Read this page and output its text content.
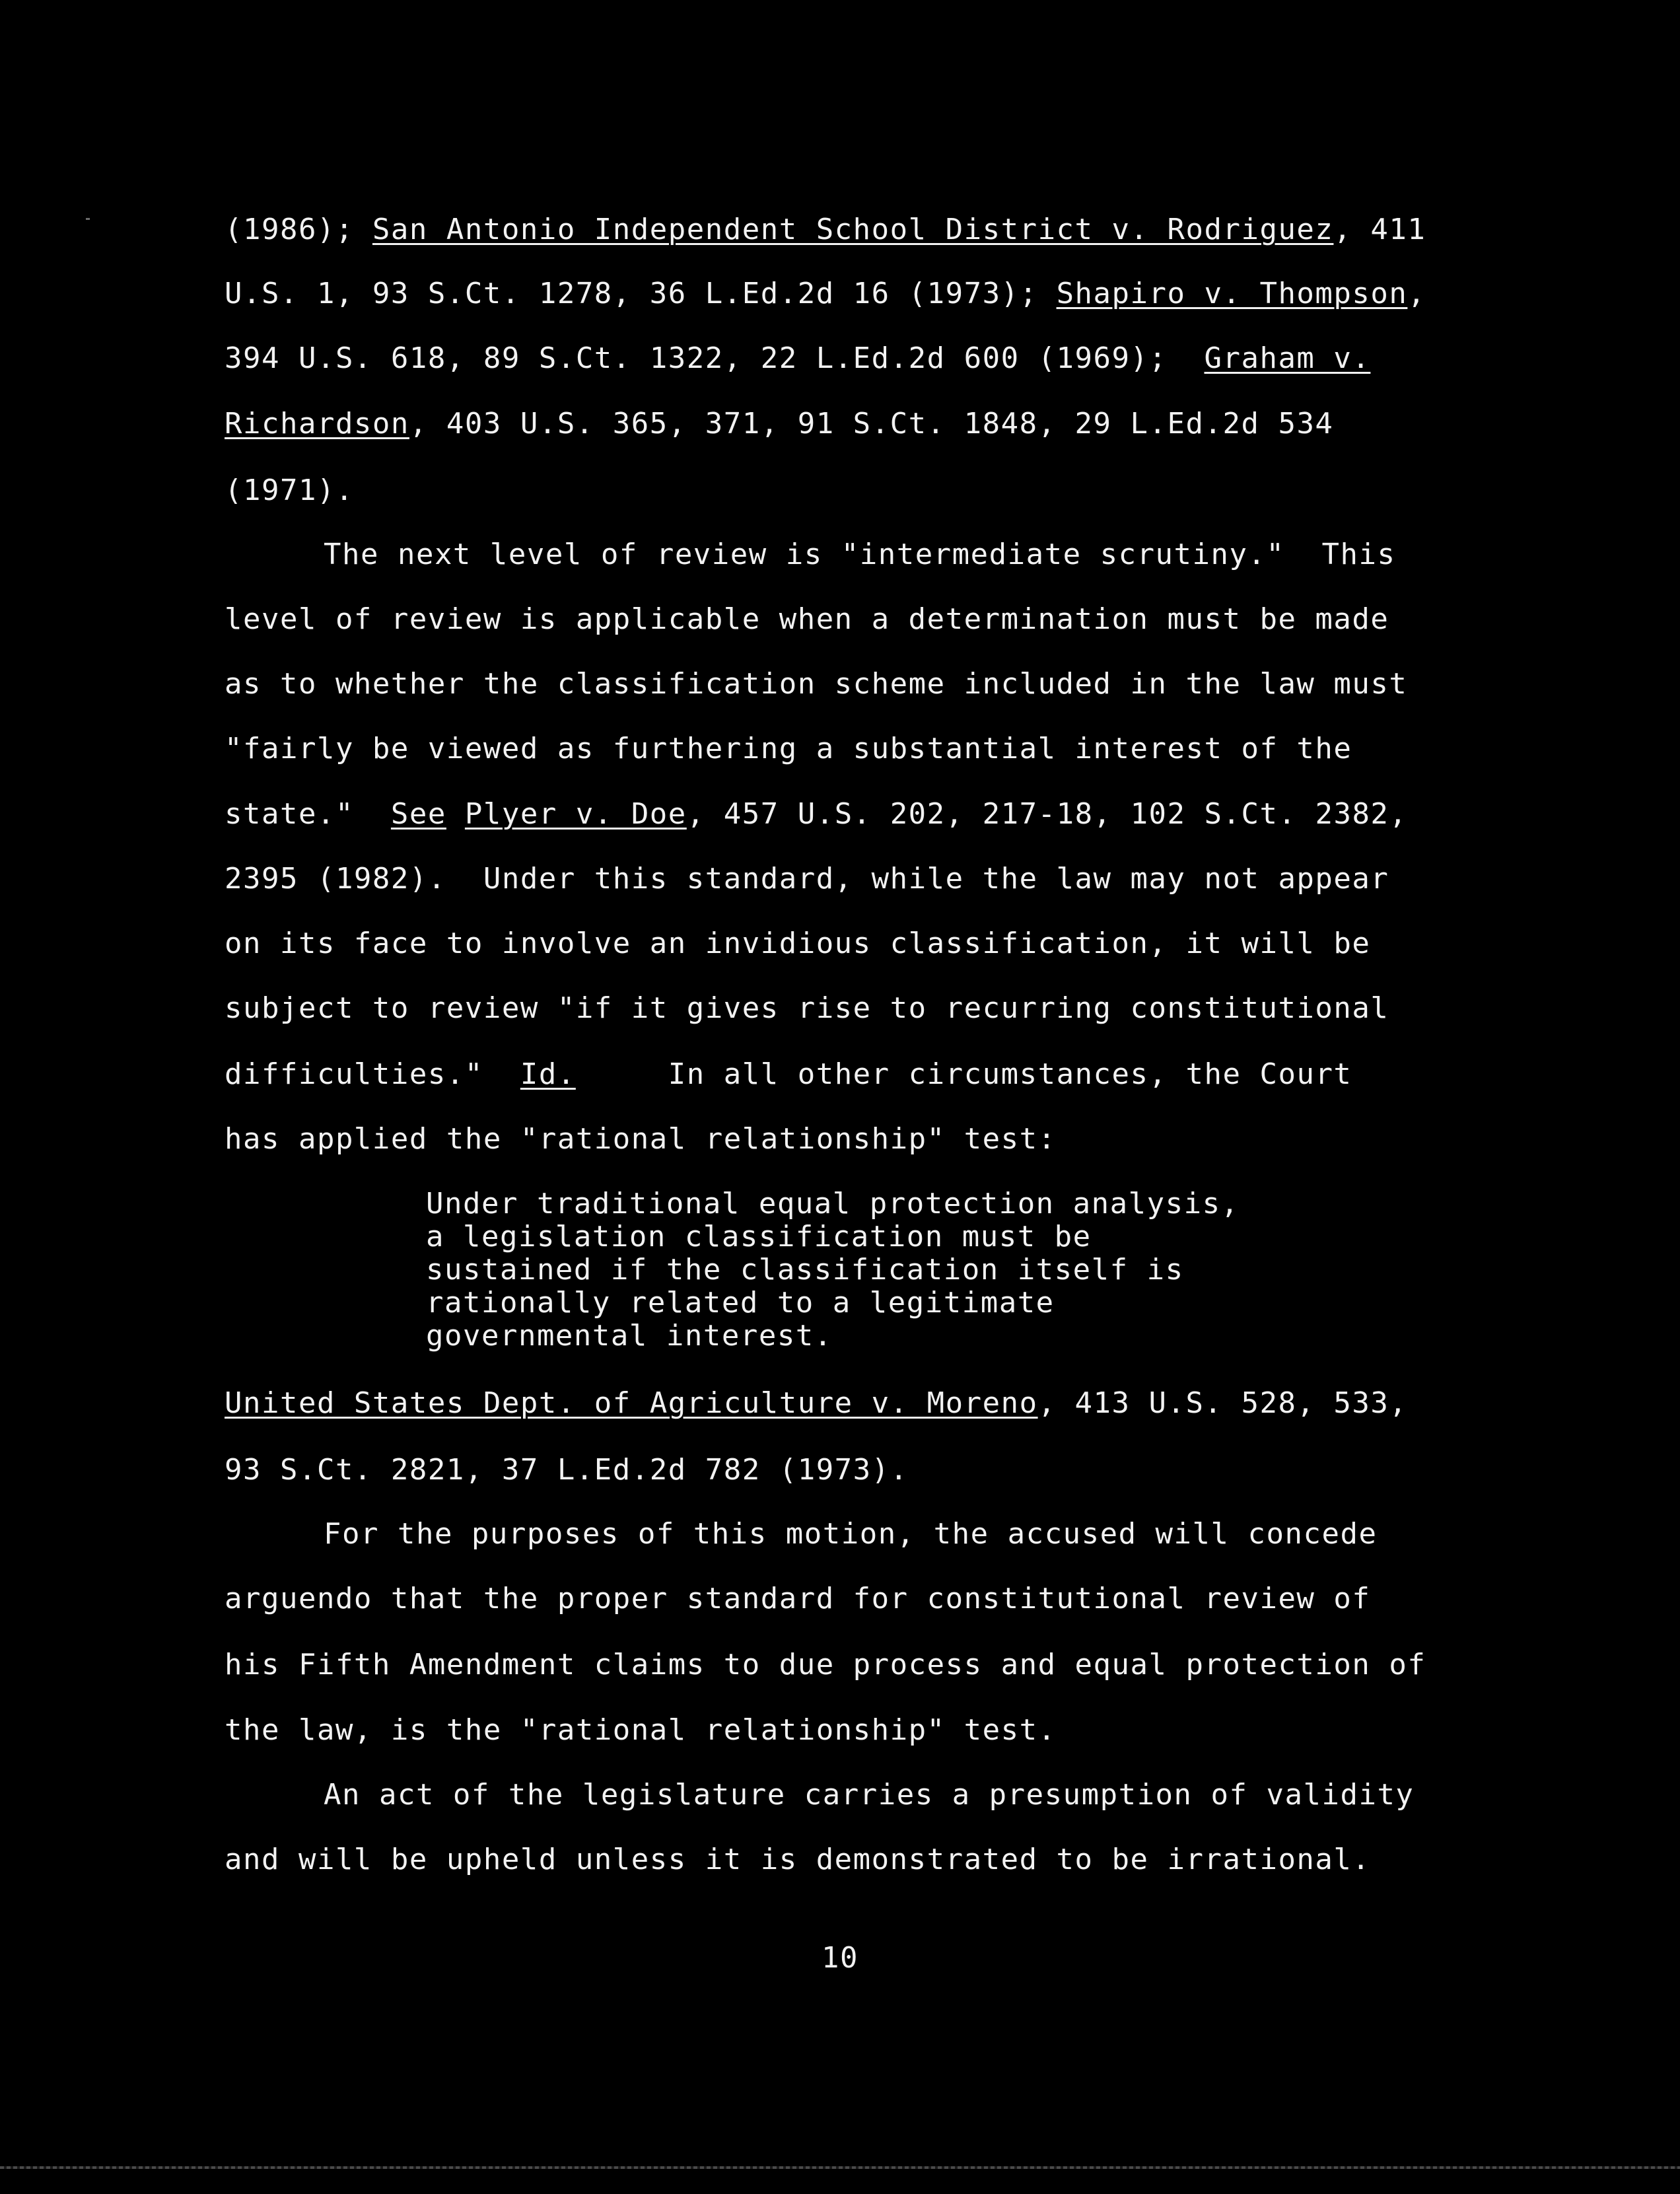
(1986); San Antonio Independent School District v. Rodriguez, 411
U.S. 1, 93 S.Ct. 1278, 36 L.Ed.2d 16 (1973); Shapiro v. Thompson,
394 U.S. 618, 89 S.Ct. 1322, 22 L.Ed.2d 600 (1969);  Graham v.
Richardson, 403 U.S. 365, 371, 91 S.Ct. 1848, 29 L.Ed.2d 534
(1971).
The next level of review is "intermediate scrutiny."  This
level of review is applicable when a determination must be made
as to whether the classification scheme included in the law must
"fairly be viewed as furthering a substantial interest of the
state."  See Plyer v. Doe, 457 U.S. 202, 217-18, 102 S.Ct. 2382,
2395 (1982).  Under this standard, while the law may not appear
on its face to involve an invidious classification, it will be
subject to review "if it gives rise to recurring constitutional
difficulties."  Id.     In all other circumstances, the Court
has applied the "rational relationship" test:
Under traditional equal protection analysis,
a legislation classification must be
sustained if the classification itself is
rationally related to a legitimate
governmental interest.
United States Dept. of Agriculture v. Moreno, 413 U.S. 528, 533,
93 S.Ct. 2821, 37 L.Ed.2d 782 (1973).
For the purposes of this motion, the accused will concede
arguendo that the proper standard for constitutional review of
his Fifth Amendment claims to due process and equal protection of
the law, is the "rational relationship" test.
An act of the legislature carries a presumption of validity
and will be upheld unless it is demonstrated to be irrational.
10
